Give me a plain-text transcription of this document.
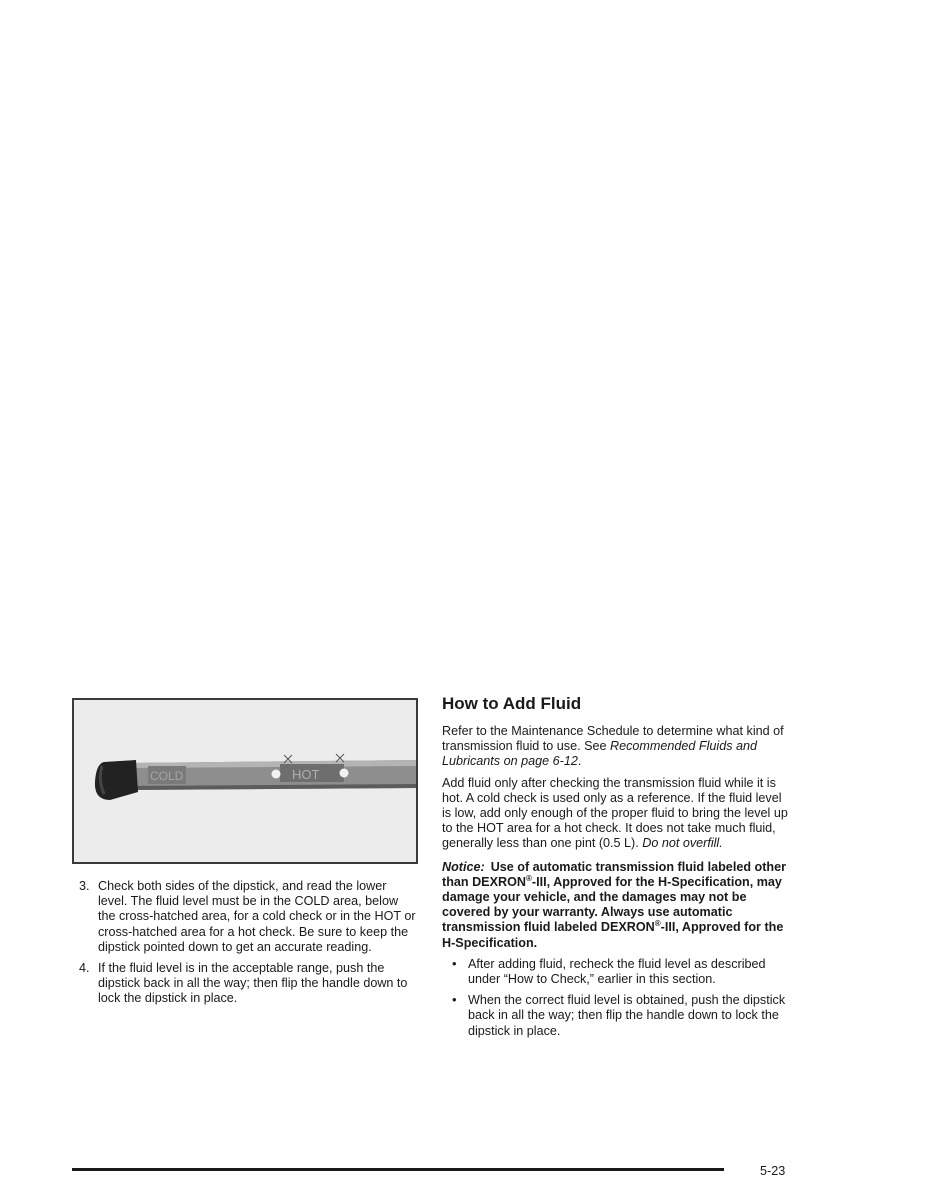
COLD	HOT
3. Check both sides of the dipstick, and read the lower level. The fluid level must be in the COLD area, below the cross-hatched area, for a cold check or in the HOT or cross-hatched area for a hot check. Be sure to keep the dipstick pointed down to get an accurate reading.
4. If the fluid level is in the acceptable range, push the dipstick back in all the way; then flip the handle down to lock the dipstick in place.
How to Add Fluid

Refer to the Maintenance Schedule to determine what kind of transmission fluid to use. See Recommended Fluids and Lubricants on page 6-12.

Add fluid only after checking the transmission fluid while it is hot. A cold check is used only as a reference. If the fluid level is low, add only enough of the proper fluid to bring the level up to the HOT area for a hot check. It does not take much fluid, generally less than one pint (0.5 L). Do not overfill.

Notice: Use of automatic transmission fluid labeled other than DEXRON®-III, Approved for the H-Specification, may damage your vehicle, and the damages may not be covered by your warranty. Always use automatic transmission fluid labeled DEXRON®-III, Approved for the H-Specification.

• After adding fluid, recheck the fluid level as described under “How to Check,” earlier in this section.
• When the correct fluid level is obtained, push the dipstick back in all the way; then flip the handle down to lock the dipstick in place.
5-23
